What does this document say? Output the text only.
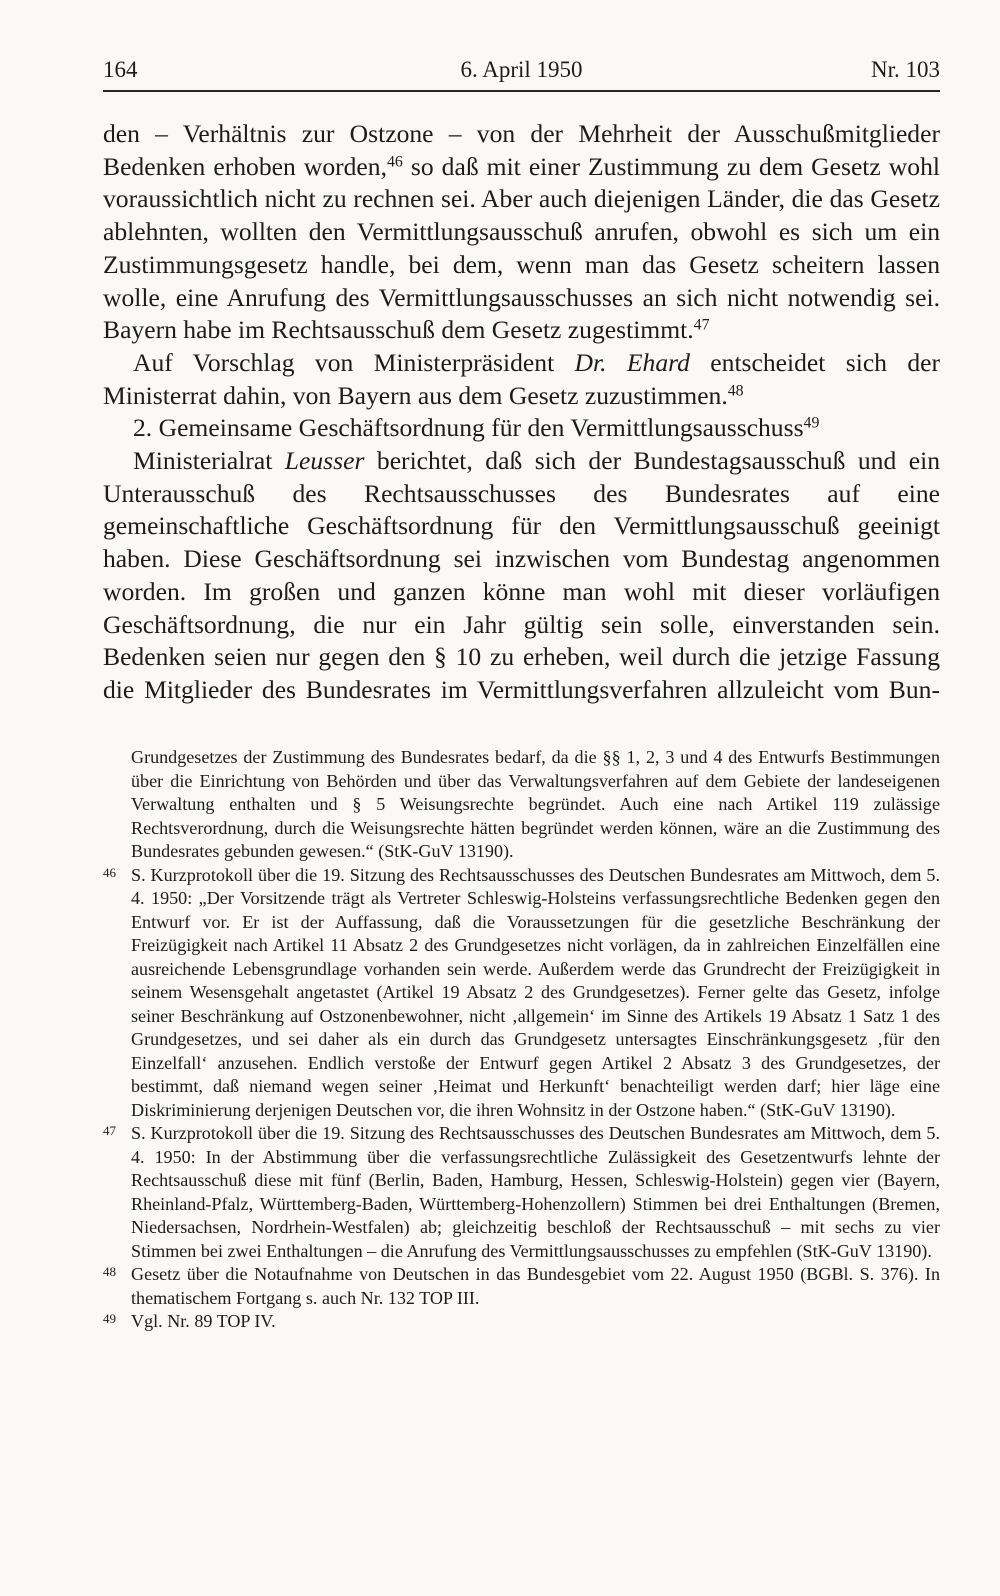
164	6. April 1950	Nr. 103

den – Verhältnis zur Ostzone – von der Mehrheit der Ausschußmitglieder Bedenken erhoben worden,$^{46}$ so daß mit einer Zustimmung zu dem Gesetz wohl voraussichtlich nicht zu rechnen sei. Aber auch diejenigen Länder, die das Gesetz ablehnten, wollten den Vermittlungsausschuß anrufen, obwohl es sich um ein Zustimmungsgesetz handle, bei dem, wenn man das Gesetz scheitern lassen wolle, eine Anrufung des Vermittlungsausschusses an sich nicht notwendig sei. Bayern habe im Rechtsausschuß dem Gesetz zugestimmt.$^{47}$

Auf Vorschlag von Ministerpräsident Dr. Ehard entscheidet sich der Ministerrat dahin, von Bayern aus dem Gesetz zuzustimmen.$^{48}$

2. Gemeinsame Geschäftsordnung für den Vermittlungsausschuss$^{49}$

Ministerialrat Leusser berichtet, daß sich der Bundestagsausschuß und ein Unterausschuß des Rechtsausschusses des Bundesrates auf eine gemeinschaftliche Geschäftsordnung für den Vermittlungsausschuß geeinigt haben. Diese Geschäftsordnung sei inzwischen vom Bundestag angenommen worden. Im großen und ganzen könne man wohl mit dieser vorläufigen Geschäftsordnung, die nur ein Jahr gültig sein solle, einverstanden sein. Bedenken seien nur gegen den § 10 zu erheben, weil durch die jetzige Fassung die Mitglieder des Bundesrates im Vermittlungsverfahren allzuleicht vom Bun-

Grundgesetzes der Zustimmung des Bundesrates bedarf, da die §§ 1, 2, 3 und 4 des Entwurfs Bestimmungen über die Einrichtung von Behörden und über das Verwaltungsverfahren auf dem Gebiete der landeseigenen Verwaltung enthalten und § 5 Weisungsrechte begründet. Auch eine nach Artikel 119 zulässige Rechtsverordnung, durch die Weisungsrechte hätten begründet werden können, wäre an die Zustimmung des Bundesrates gebunden gewesen.“ (StK-GuV 13190).
46 S. Kurzprotokoll über die 19. Sitzung des Rechtsausschusses des Deutschen Bundesrates am Mittwoch, dem 5. 4. 1950: „Der Vorsitzende trägt als Vertreter Schleswig-Holsteins verfassungsrechtliche Bedenken gegen den Entwurf vor. Er ist der Auffassung, daß die Voraussetzungen für die gesetzliche Beschränkung der Freizügigkeit nach Artikel 11 Absatz 2 des Grundgesetzes nicht vorlägen, da in zahlreichen Einzelfällen eine ausreichende Lebensgrundlage vorhanden sein werde. Außerdem werde das Grundrecht der Freizügigkeit in seinem Wesensgehalt angetastet (Artikel 19 Absatz 2 des Grundgesetzes). Ferner gelte das Gesetz, infolge seiner Beschränkung auf Ostzonenbewohner, nicht ‚allgemein‘ im Sinne des Artikels 19 Absatz 1 Satz 1 des Grundgesetzes, und sei daher als ein durch das Grundgesetz untersagtes Einschränkungsgesetz ‚für den Einzelfall‘ anzusehen. Endlich verstoße der Entwurf gegen Artikel 2 Absatz 3 des Grundgesetzes, der bestimmt, daß niemand wegen seiner ‚Heimat und Herkunft‘ benachteiligt werden darf; hier läge eine Diskriminierung derjenigen Deutschen vor, die ihren Wohnsitz in der Ostzone haben.“ (StK-GuV 13190).
47 S. Kurzprotokoll über die 19. Sitzung des Rechtsausschusses des Deutschen Bundesrates am Mittwoch, dem 5. 4. 1950: In der Abstimmung über die verfassungsrechtliche Zulässigkeit des Gesetzentwurfs lehnte der Rechtsausschuß diese mit fünf (Berlin, Baden, Hamburg, Hessen, Schleswig-Holstein) gegen vier (Bayern, Rheinland-Pfalz, Württemberg-Baden, Württemberg-Hohenzollern) Stimmen bei drei Enthaltungen (Bremen, Niedersachsen, Nordrhein-Westfalen) ab; gleichzeitig beschloß der Rechtsausschuß – mit sechs zu vier Stimmen bei zwei Enthaltungen – die Anrufung des Vermittlungsausschusses zu empfehlen (StK-GuV 13190).
48 Gesetz über die Notaufnahme von Deutschen in das Bundesgebiet vom 22. August 1950 (BGBl. S. 376). In thematischem Fortgang s. auch Nr. 132 TOP III.
49 Vgl. Nr. 89 TOP IV.
